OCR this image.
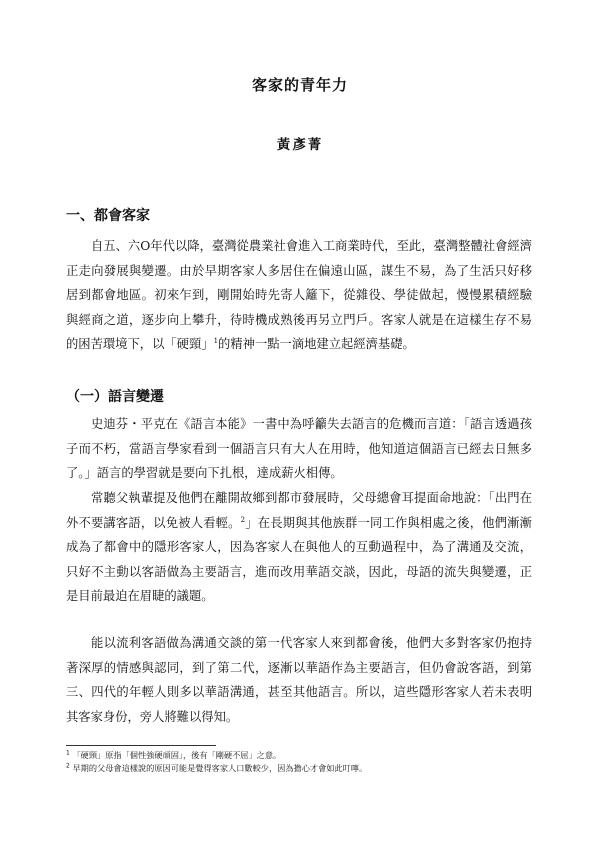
客家的青年力
黃彥菁
一、都會客家

自五、六O年代以降，臺灣從農業社會進入工商業時代，至此，臺灣整體社會經濟正走向發展與變遷。由於早期客家人多居住在偏遠山區，謀生不易，為了生活只好移居到都會地區。初來乍到，剛開始時先寄人籬下，從雜役、學徒做起，慢慢累積經驗與經商之道，逐步向上攀升，待時機成熟後再另立門戶。客家人就是在這樣生存不易的困苦環境下，以「硬頸」$^1$的精神一點一滴地建立起經濟基礎。

（一）語言變遷

史迪芬・平克在《語言本能》一書中為呼籲失去語言的危機而言道：「語言透過孩子而不朽，當語言學家看到一個語言只有大人在用時，他知道這個語言已經去日無多了。」語言的學習就是要向下扎根，達成薪火相傳。

常聽父執輩提及他們在離開故鄉到都市發展時，父母總會耳提面命地說：「出門在外不要講客語，以免被人看輕。$^2$」在長期與其他族群一同工作與相處之後，他們漸漸成為了都會中的隱形客家人，因為客家人在與他人的互動過程中，為了溝通及交流，只好不主動以客語做為主要語言，進而改用華語交談，因此，母語的流失與變遷，正是目前最迫在眉睫的議題。

能以流利客語做為溝通交談的第一代客家人來到都會後，他們大多對客家仍抱持著深厚的情感與認同，到了第二代，逐漸以華語作為主要語言，但仍會說客語，到第三、四代的年輕人則多以華語溝通，甚至其他語言。所以，這些隱形客家人若未表明其客家身份，旁人將難以得知。

$^1$ 「硬頸」原指「個性強硬頑固」，後有「剛硬不屈」之意。
$^2$ 早期的父母會這樣說的原因可能是覺得客家人口數較少，因為擔心才會如此叮嚀。
